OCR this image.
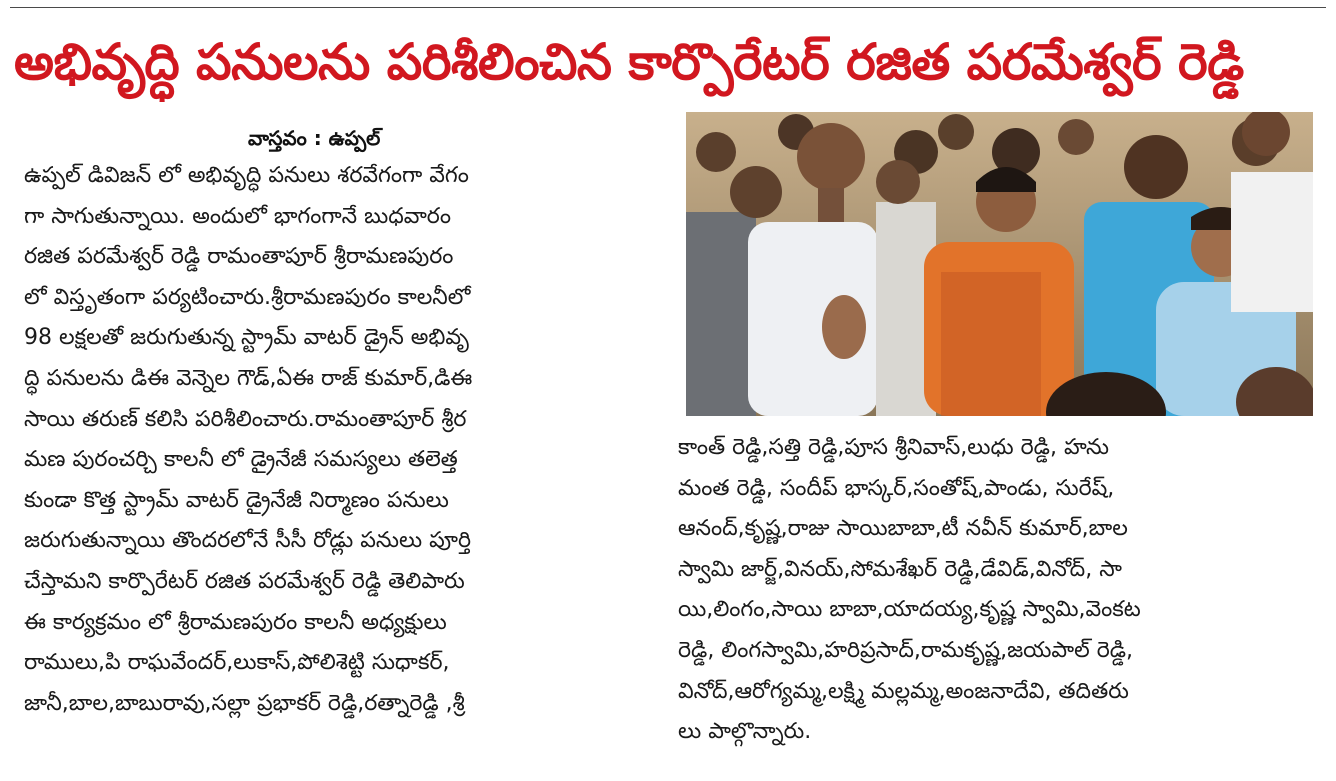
అభివృద్ధి పనులను పరిశీలించిన కార్పొరేటర్ రజిత పరమేశ్వర్ రెడ్డి
వాస్తవం : ఉప్పల్
ఉప్పల్ డివిజన్ లో అభివృద్ధి పనులు శరవేగంగా వేగం
గా సాగుతున్నాయి. అందులో భాగంగానే బుధవారం
రజిత పరమేశ్వర్ రెడ్డి రామంతాపూర్ శ్రీరామణపురం
లో విస్తృతంగా పర్యటించారు.శ్రీరామణపురం కాలనీలో
98 లక్షలతో జరుగుతున్న స్ట్రామ్ వాటర్ డ్రైన్ అభివృ
ద్ధి పనులను డిఈ వెన్నెల గౌడ్,ఏఈ రాజ్ కుమార్,డిఈ
సాయి తరుణ్ కలిసి పరిశీలించారు.రామంతాపూర్ శ్రీర
మణ పురంచర్చి కాలనీ లో డ్రైనేజీ సమస్యలు తలెత్త
కుండా కొత్త స్ట్రామ్ వాటర్ డ్రైనేజీ నిర్మాణం పనులు
జరుగుతున్నాయి తొందరలోనే సీసీ రోడ్లు పనులు పూర్తి
చేస్తామని కార్పొరేటర్ రజిత పరమేశ్వర్ రెడ్డి తెలిపారు
ఈ కార్యక్రమం లో శ్రీరామణపురం కాలనీ అధ్యక్షులు
రాములు,పి రాఘవేందర్,లుకాస్,పోలిశెట్టి సుధాకర్,
జానీ,బాల,బాబురావు,సల్లా ప్రభాకర్ రెడ్డి,రత్నారెడ్డి ,శ్రీ
కాంత్ రెడ్డి,సత్తి రెడ్డి,పూస శ్రీనివాస్,లుధు రెడ్డి, హను
మంత రెడ్డి, సందీప్ భాస్కర్,సంతోష్,పాండు, సురేష్,
ఆనంద్,కృష్ణ,రాజు సాయిబాబా,టీ నవీన్ కుమార్,బాల
స్వామి జార్జ్,వినయ్,సోమశేఖర్ రెడ్డి,డేవిడ్,వినోద్, సా
యి,లింగం,సాయి బాబా,యాదయ్య,కృష్ణ స్వామి,వెంకట
రెడ్డి, లింగస్వామి,హరిప్రసాద్,రామకృష్ణ,జయపాల్ రెడ్డి,
వినోద్,ఆరోగ్యమ్మ,లక్ష్మి మల్లమ్మ,అంజనాదేవి, తదితరు
లు పాల్గొన్నారు.
